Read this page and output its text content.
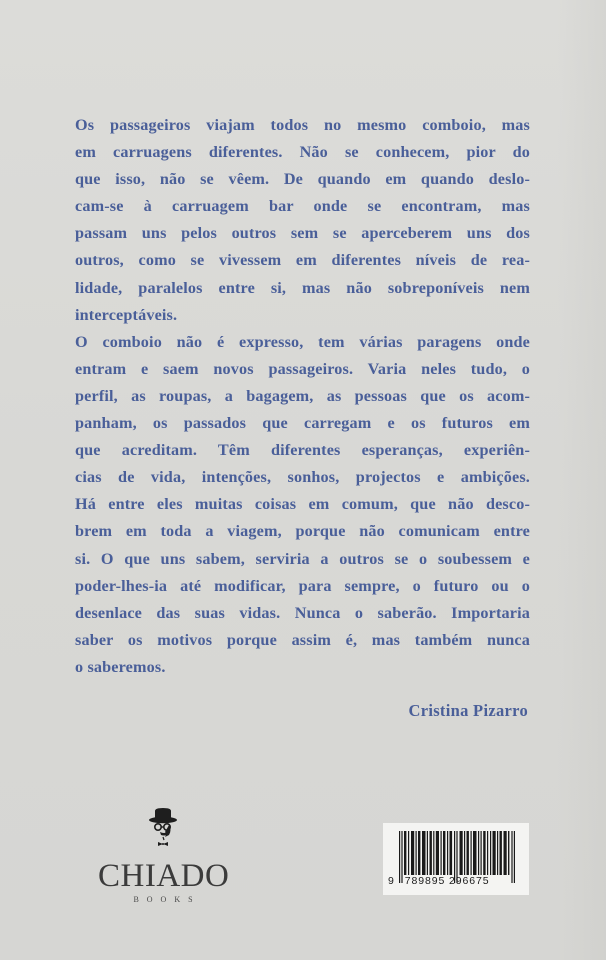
Os passageiros viajam todos no mesmo comboio, mas
em carruagens diferentes. Não se conhecem, pior do
que isso, não se vêem. De quando em quando deslo-
cam-se à carruagem bar onde se encontram, mas
passam uns pelos outros sem se aperceberem uns dos
outros, como se vivessem em diferentes níveis de rea-
lidade, paralelos entre si, mas não sobreponíveis nem
interceptáveis.

O comboio não é expresso, tem várias paragens onde
entram e saem novos passageiros. Varia neles tudo, o
perfil, as roupas, a bagagem, as pessoas que os acom-
panham, os passados que carregam e os futuros em
que acreditam. Têm diferentes esperanças, experiên-
cias de vida, intenções, sonhos, projectos e ambições.
Há entre eles muitas coisas em comum, que não desco-
brem em toda a viagem, porque não comunicam entre
si. O que uns sabem, serviria a outros se o soubessem e
poder-lhes-ia até modificar, para sempre, o futuro ou o
desenlace das suas vidas. Nunca o saberão. Importaria
saber os motivos porque assim é, mas também nunca
o saberemos.

Cristina Pizarro
CHIADO
BOOKS
9 789895 296675
